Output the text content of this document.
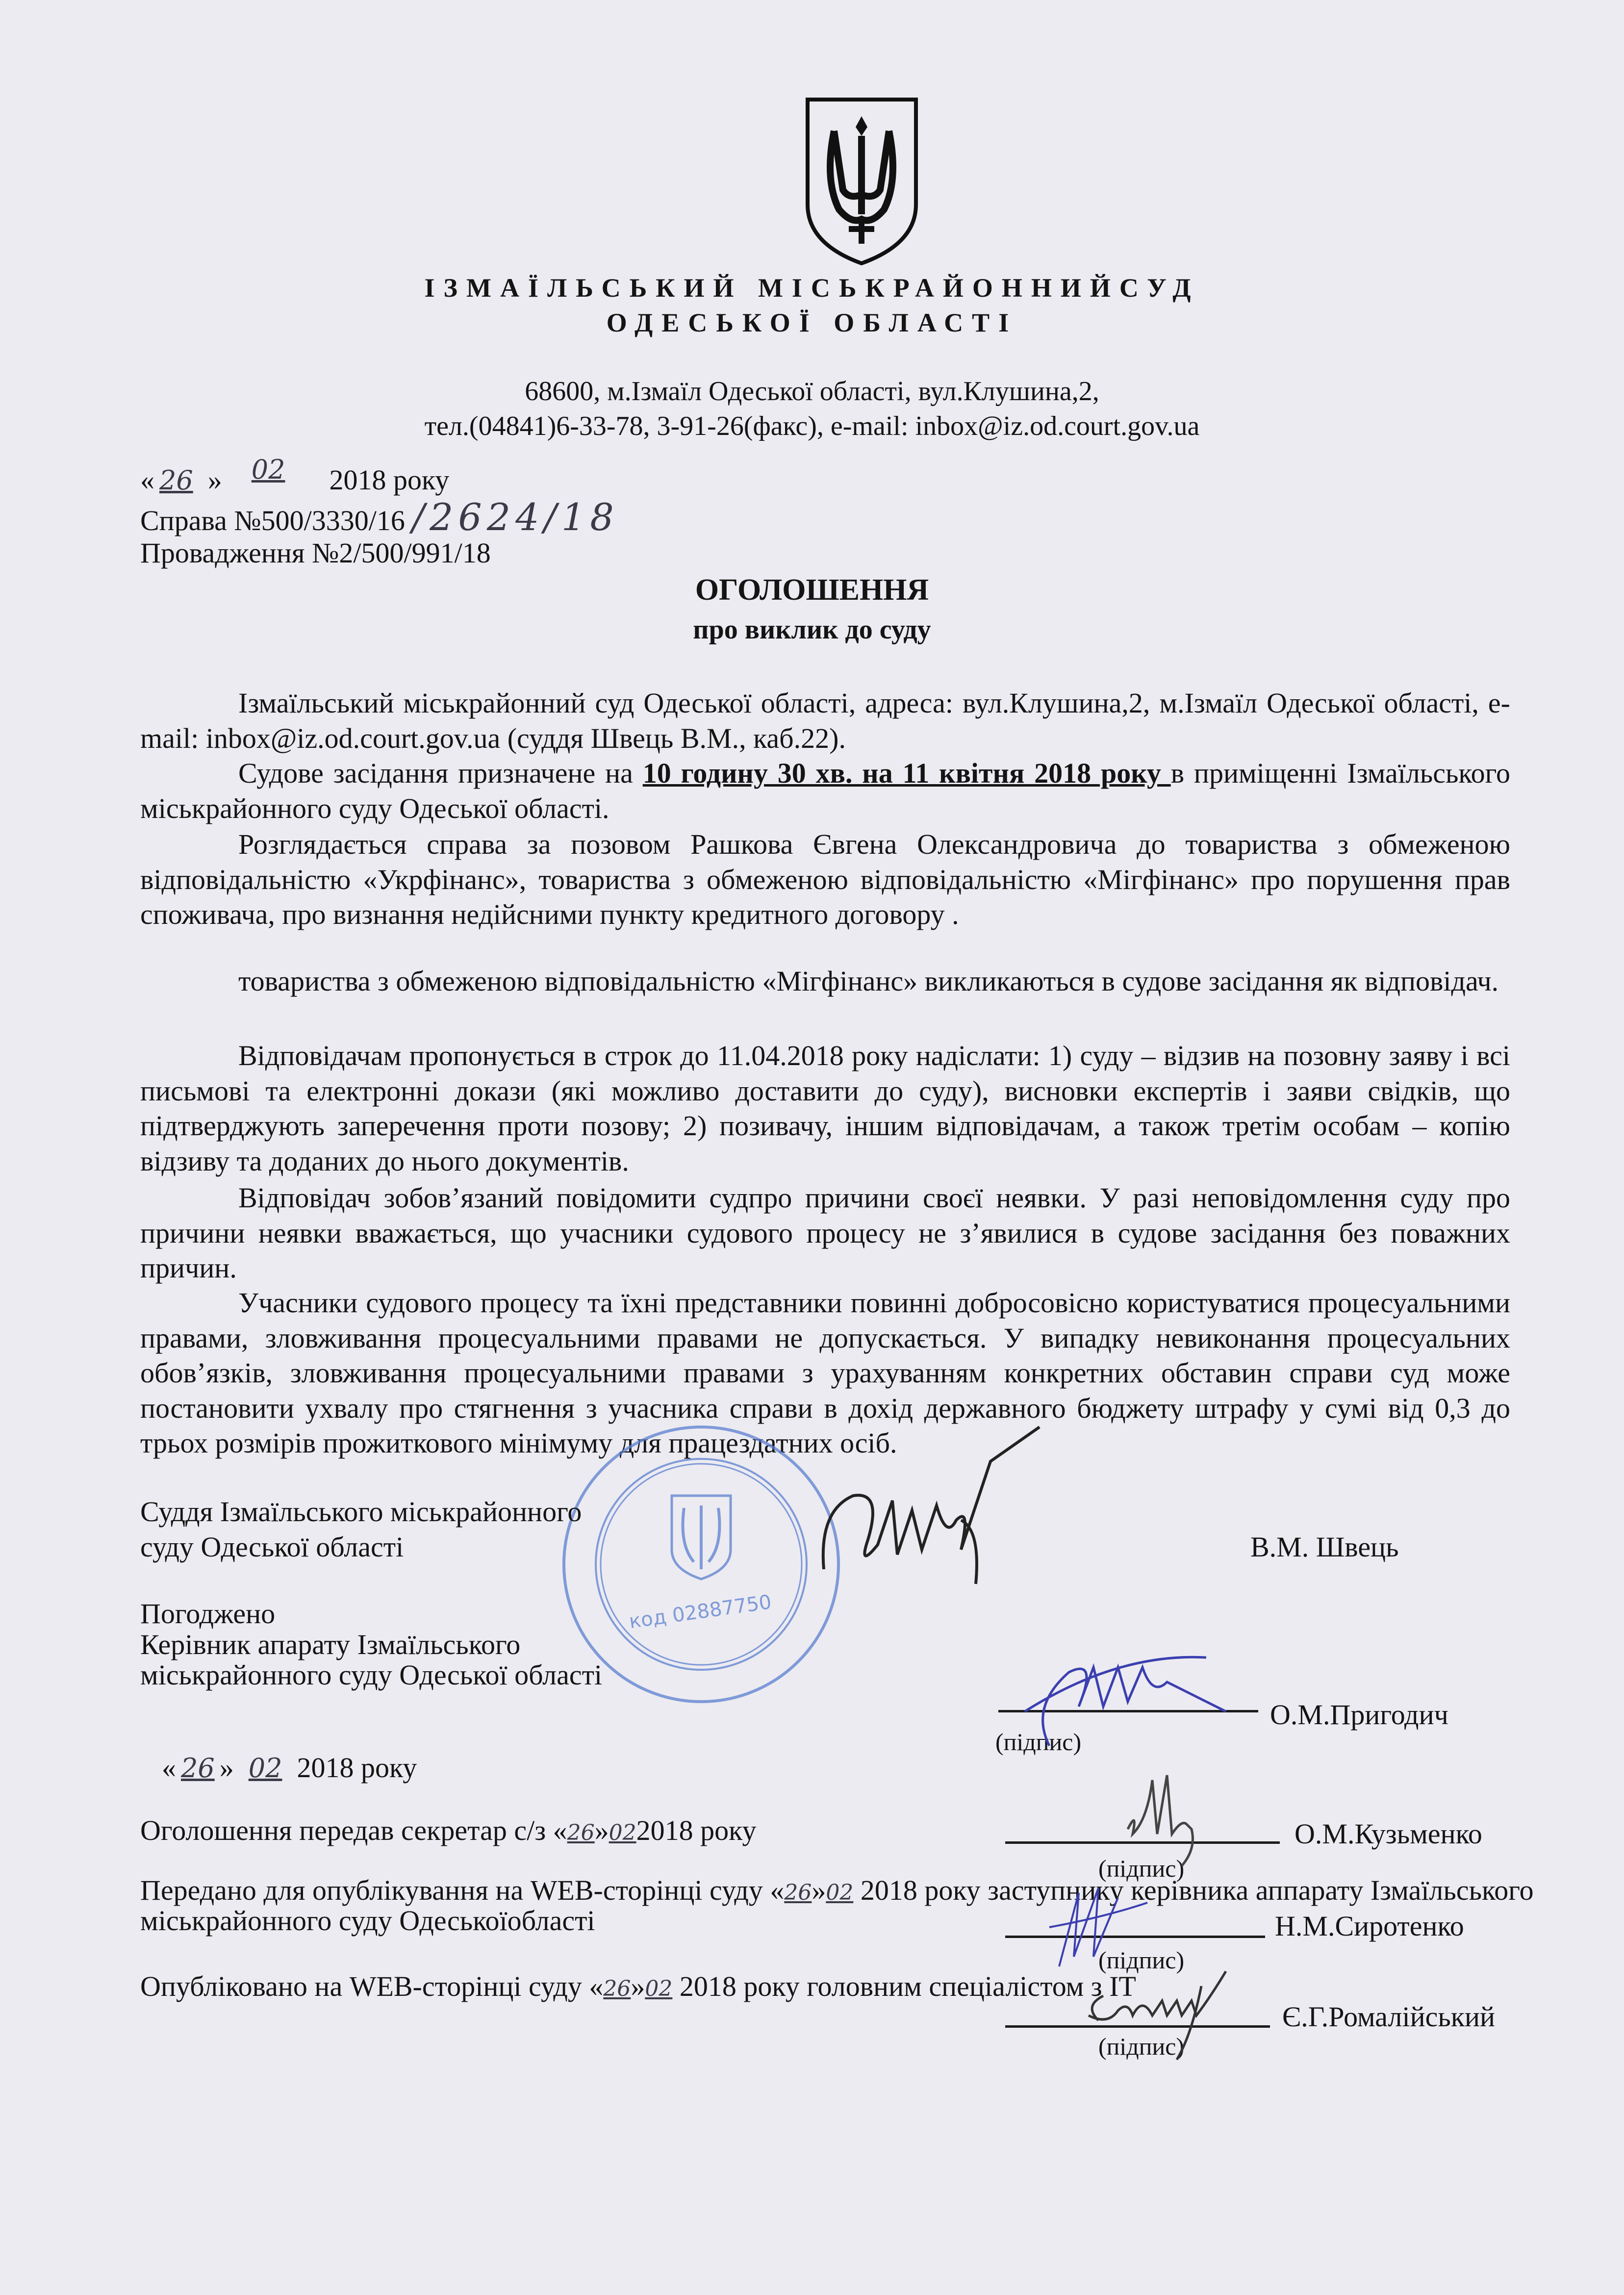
ІЗМАЇЛЬСЬКИЙ МІСЬКРАЙОННИЙСУД
ОДЕСЬКОЇ ОБЛАСТІ
68600, м.Ізмаїл Одеської області, вул.Клушина,2,
тел.(04841)6-33-78, 3-91-26(факс), e-mail: inbox@iz.od.court.gov.ua
« 26 » 02 2018 року
Справа №500/3330/16 /2624/18
Провадження №2/500/991/18
ОГОЛОШЕННЯ
про виклик до суду
Ізмаїльський міськрайонний суд Одеської області, адреса: вул.Клушина,2, м.Ізмаїл Одеської області, e-mail: inbox@iz.od.court.gov.ua (суддя Швець В.М., каб.22).
Судове засідання призначене на 10 годину 30 хв. на 11 квітня 2018 року в приміщенні Ізмаїльського міськрайонного суду Одеської області.
Розглядається справа за позовом Рашкова Євгена Олександровича до товариства з обмеженою відповідальністю «Укрфінанс», товариства з обмеженою відповідальністю «Мігфінанс» про порушення прав споживача, про визнання недійсними пункту кредитного договору .
товариства з обмеженою відповідальністю «Мігфінанс» викликаються в судове засідання як відповідач.
Відповідачам пропонується в строк до 11.04.2018 року надіслати: 1) суду – відзив на позовну заяву і всі письмові та електронні докази (які можливо доставити до суду), висновки експертів і заяви свідків, що підтверджують заперечення проти позову; 2) позивачу, іншим відповідачам, а також третім особам – копію відзиву та доданих до нього документів.
Відповідач зобов’язаний повідомити судпро причини своєї неявки. У разі неповідомлення суду про причини неявки вважається, що учасники судового процесу не з’явилися в судове засідання без поважних причин.
Учасники судового процесу та їхні представники повинні добросовісно користуватися процесуальними правами, зловживання процесуальними правами не допускається. У випадку невиконання процесуальних обов’язків, зловживання процесуальними правами з урахуванням конкретних обставин справи суд може постановити ухвалу про стягнення з учасника справи в дохід державного бюджету штрафу у сумі від 0,3 до трьох розмірів прожиткового мінімуму для працездатних осіб.
код 02887750
Суддя Ізмаїльського міськрайонного
суду Одеської області	В.М. Швець
Погоджено
Керівник апарату Ізмаїльського
міськрайонного суду Одеської області
О.М.Пригодич
(підпис)
« 26 » 02 2018 року
Оголошення передав секретар с/з «26»022018 року	О.М.Кузьменко
(підпис)
Передано для опублікування на WEB-сторінці суду «26»02 2018 року заступнику керівника аппарату Ізмаїльського
міськрайонного суду Одеськоїобласті	Н.М.Сиротенко
(підпис)
Опубліковано на WEB-сторінці суду «26»02 2018 року головним спеціалістом з ІТ
Є.Г.Ромалійський
(підпис)
